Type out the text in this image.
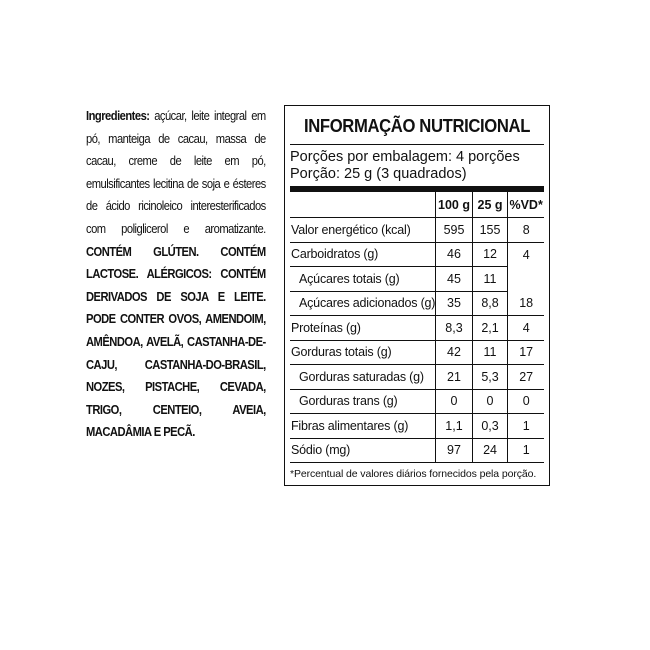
Ingredientes: açúcar, leite integral em pó, manteiga de cacau, massa de cacau, creme de leite em pó, emulsificantes lecitina de soja e ésteres de ácido ricinoleico interesterificados com poliglicerol e aromatizante. CONTÉM GLÚTEN. CONTÉM LACTOSE. ALÉRGICOS: CONTÉM DERIVADOS DE SOJA E LEITE. PODE CONTER OVOS, AMENDOIM, AMÊNDOA, AVELÃ, CASTANHA-DE-CAJU, CASTANHA-DO-BRASIL, NOZES, PISTACHE, CEVADA, TRIGO, CENTEIO, AVEIA, MACADÂMIA E PECÃ.
INFORMAÇÃO NUTRICIONAL
Porções por embalagem: 4 porções
Porção: 25 g (3 quadrados)
	100 g	25 g	%VD*
Valor energético (kcal)	595	155	8
Carboidratos (g)	46	12	4
Açúcares totais (g)	45	11	
Açúcares adicionados (g)	35	8,8	18
Proteínas (g)	8,3	2,1	4
Gorduras totais (g)	42	11	17
Gorduras saturadas (g)	21	5,3	27
Gorduras trans (g)	0	0	0
Fibras alimentares (g)	1,1	0,3	1
Sódio (mg)	97	24	1
*Percentual de valores diários fornecidos pela porção.
